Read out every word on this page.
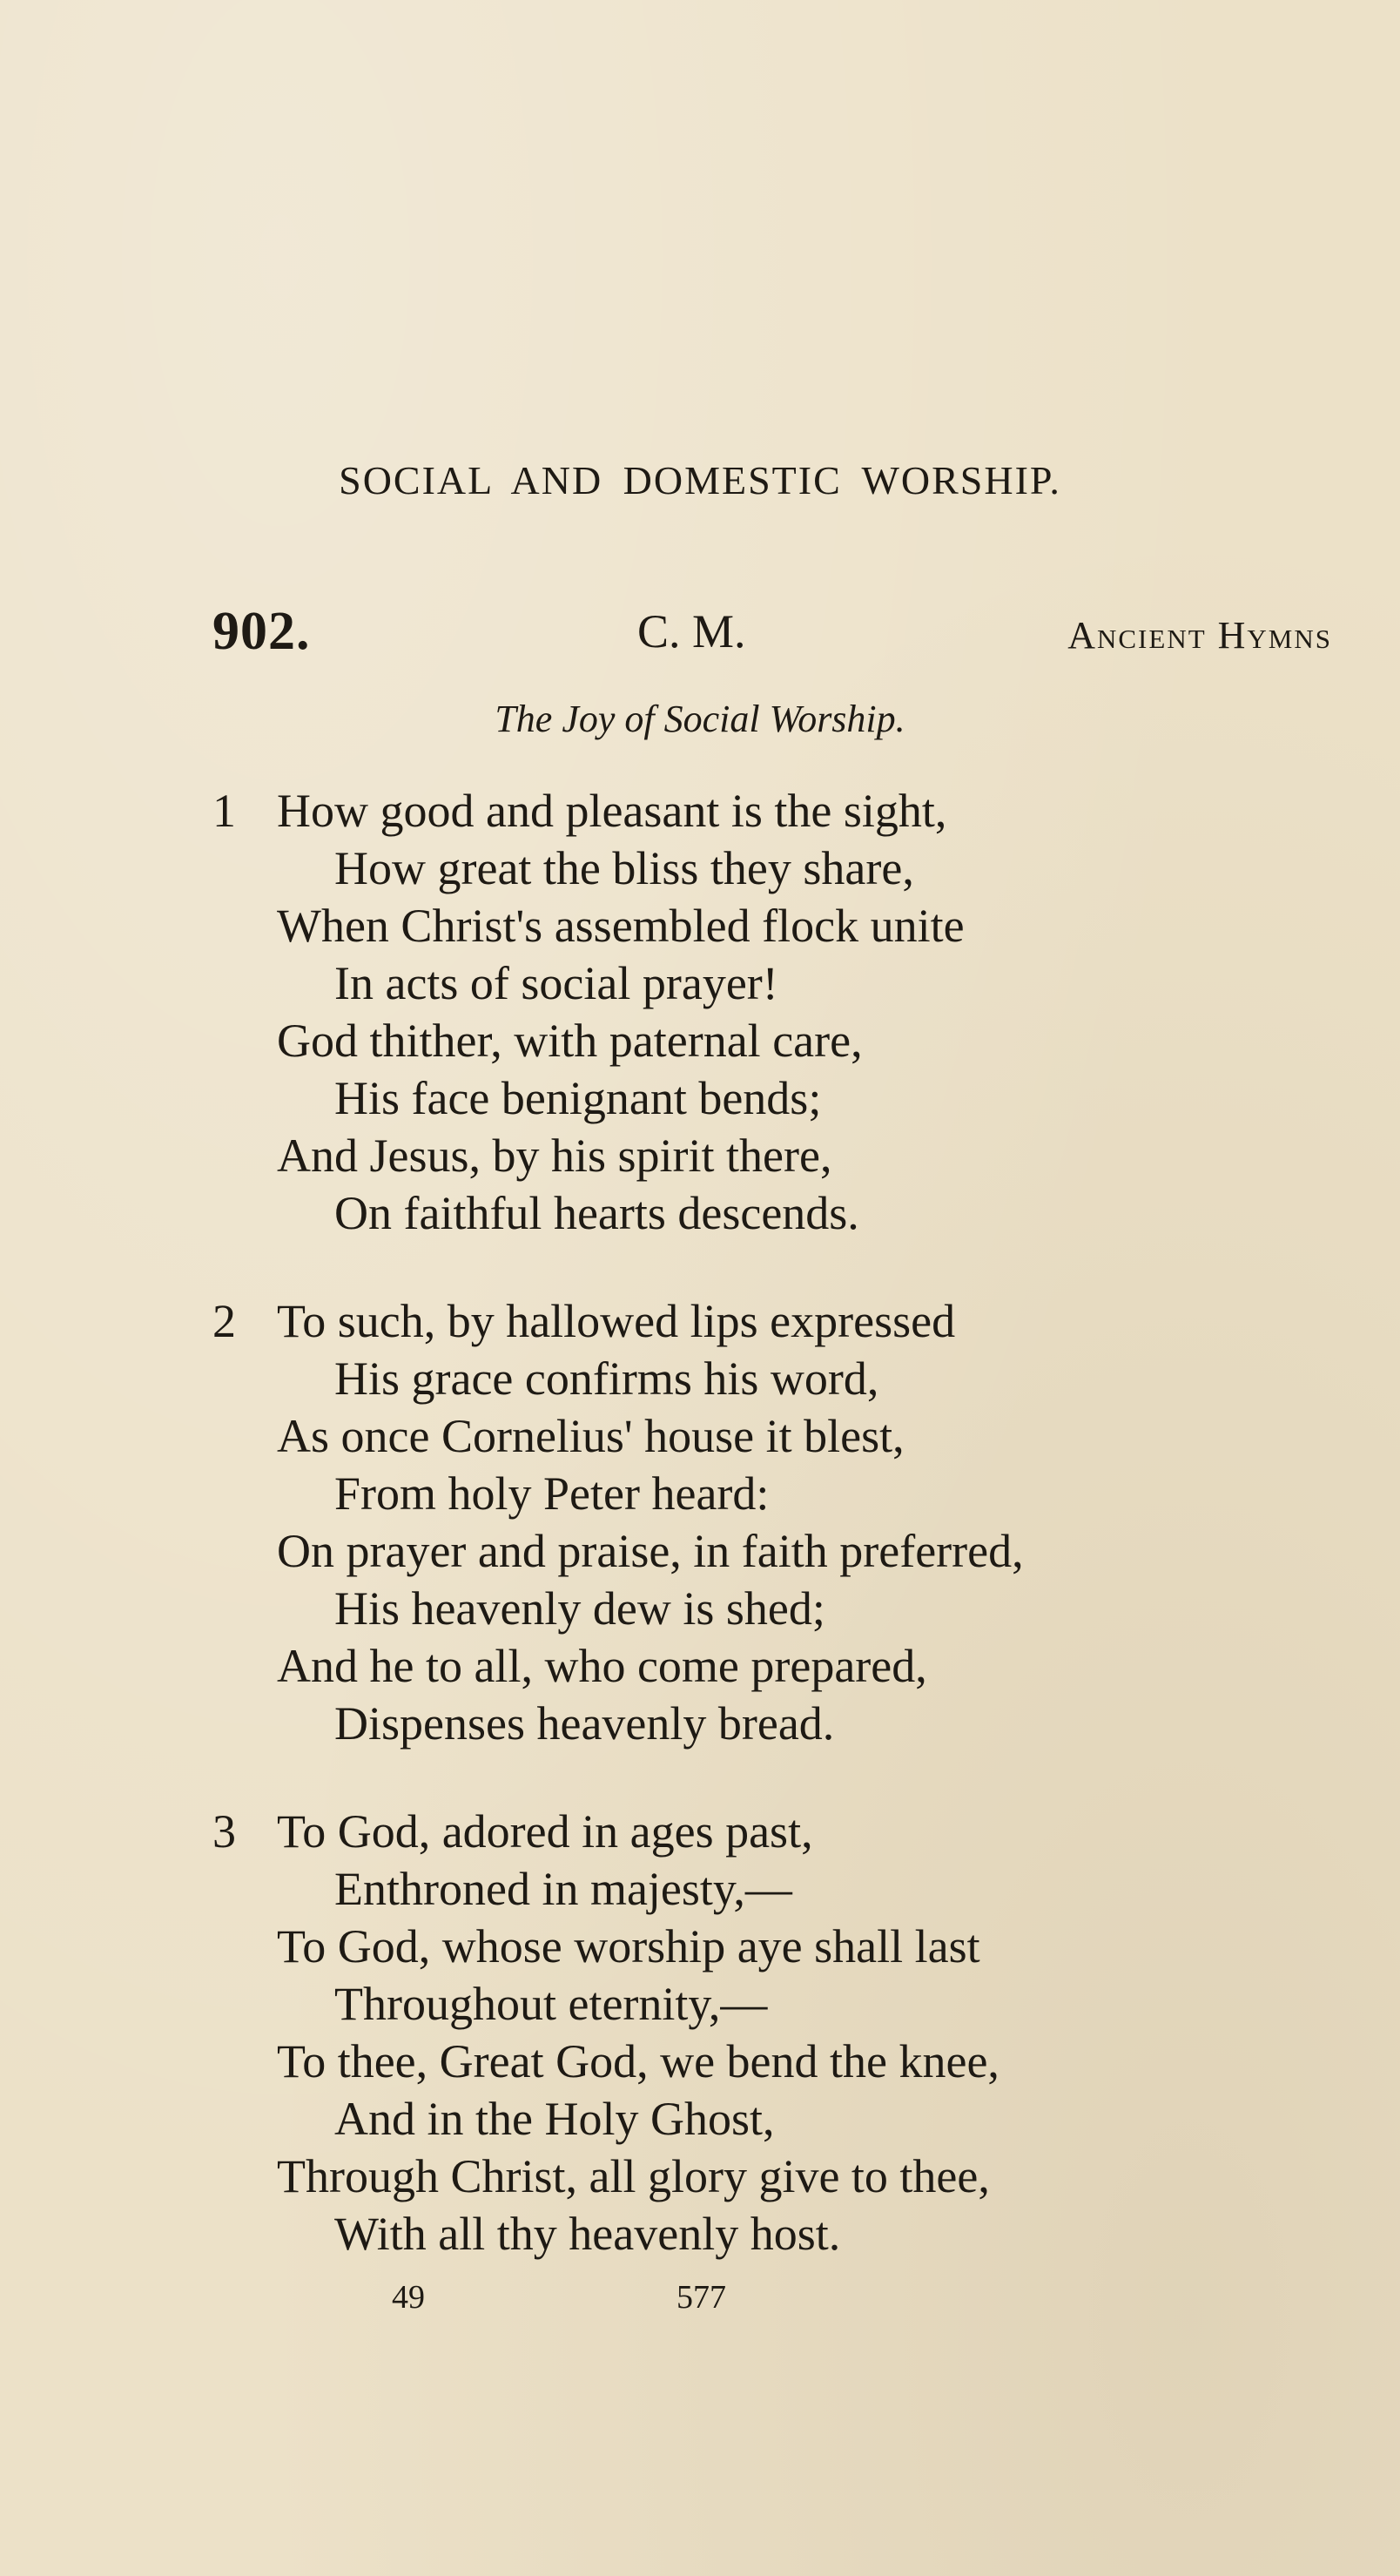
SOCIAL AND DOMESTIC WORSHIP.
902.	C. M.	Ancient Hymns
The Joy of Social Worship.
1 How good and pleasant is the sight,
How great the bliss they share,
When Christ's assembled flock unite
In acts of social prayer!
God thither, with paternal care,
His face benignant bends;
And Jesus, by his spirit there,
On faithful hearts descends.
2 To such, by hallowed lips expressed
His grace confirms his word,
As once Cornelius' house it blest,
From holy Peter heard:
On prayer and praise, in faith preferred,
His heavenly dew is shed;
And he to all, who come prepared,
Dispenses heavenly bread.
3 To God, adored in ages past,
Enthroned in majesty,—
To God, whose worship aye shall last
Throughout eternity,—
To thee, Great God, we bend the knee,
And in the Holy Ghost,
Through Christ, all glory give to thee,
With all thy heavenly host.
49	577
